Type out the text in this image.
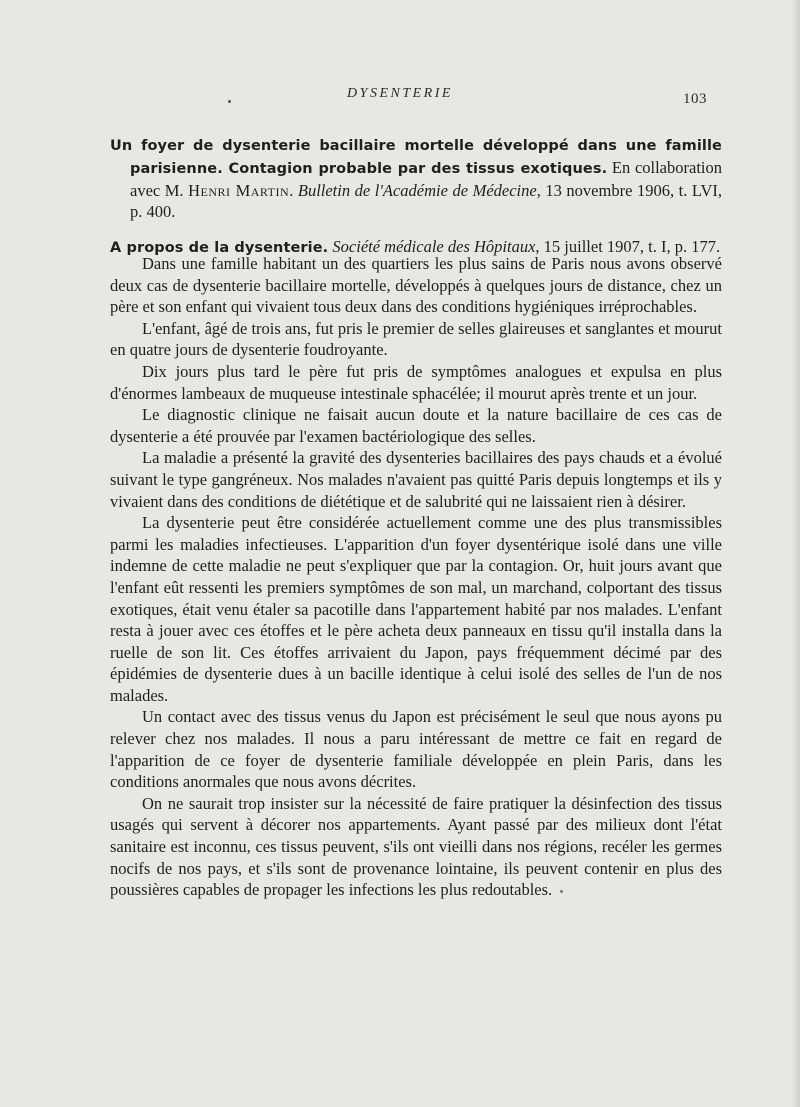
DYSENTERIE	103

Un foyer de dysenterie bacillaire mortelle développé dans une famille parisienne. Contagion probable par des tissus exotiques. En collaboration avec M. Henri Martin. Bulletin de l'Académie de Médecine, 13 novembre 1906, t. LVI, p. 400.

A propos de la dysenterie. Société médicale des Hôpitaux, 15 juillet 1907, t. I, p. 177.

Dans une famille habitant un des quartiers les plus sains de Paris nous avons observé deux cas de dysenterie bacillaire mortelle, développés à quelques jours de distance, chez un père et son enfant qui vivaient tous deux dans des conditions hygiéniques irréprochables.

L'enfant, âgé de trois ans, fut pris le premier de selles glaireuses et sanglantes et mourut en quatre jours de dysenterie foudroyante.

Dix jours plus tard le père fut pris de symptômes analogues et expulsa en plus d'énormes lambeaux de muqueuse intestinale sphacélée; il mourut après trente et un jour.

Le diagnostic clinique ne faisait aucun doute et la nature bacillaire de ces cas de dysenterie a été prouvée par l'examen bactériologique des selles.

La maladie a présenté la gravité des dysenteries bacillaires des pays chauds et a évolué suivant le type gangréneux. Nos malades n'avaient pas quitté Paris depuis longtemps et ils y vivaient dans des conditions de diététique et de salubrité qui ne laissaient rien à désirer.

La dysenterie peut être considérée actuellement comme une des plus transmissibles parmi les maladies infectieuses. L'apparition d'un foyer dysentérique isolé dans une ville indemne de cette maladie ne peut s'expliquer que par la contagion. Or, huit jours avant que l'enfant eût ressenti les premiers symptômes de son mal, un marchand, colportant des tissus exotiques, était venu étaler sa pacotille dans l'appartement habité par nos malades. L'enfant resta à jouer avec ces étoffes et le père acheta deux panneaux en tissu qu'il installa dans la ruelle de son lit. Ces étoffes arrivaient du Japon, pays fréquemment décimé par des épidémies de dysenterie dues à un bacille identique à celui isolé des selles de l'un de nos malades.

Un contact avec des tissus venus du Japon est précisément le seul que nous ayons pu relever chez nos malades. Il nous a paru intéressant de mettre ce fait en regard de l'apparition de ce foyer de dysenterie familiale développée en plein Paris, dans les conditions anormales que nous avons décrites.

On ne saurait trop insister sur la nécessité de faire pratiquer la désinfection des tissus usagés qui servent à décorer nos appartements. Ayant passé par des milieux dont l'état sanitaire est inconnu, ces tissus peuvent, s'ils ont vieilli dans nos régions, recéler les germes nocifs de nos pays, et s'ils sont de provenance lointaine, ils peuvent contenir en plus des poussières capables de propager les infections les plus redoutables.
